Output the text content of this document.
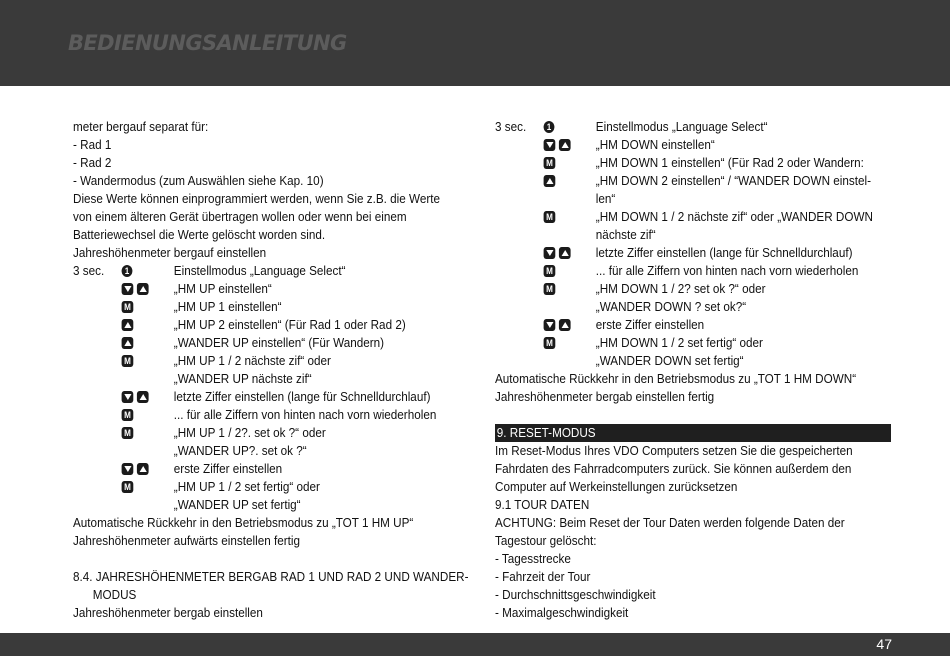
BEDIENUNGSANLEITUNG
meter bergauf separat für:
- Rad 1
- Rad 2
- Wandermodus (zum Auswählen siehe Kap. 10)
Diese Werte können einprogrammiert werden, wenn Sie z.B. die Werte
von einem älteren Gerät übertragen wollen oder wenn bei einem
Batteriewechsel die Werte gelöscht worden sind.
Jahreshöhenmeter bergauf einstellen
3 sec.	1	Einstellmodus „Language Select“
„HM UP einstellen“
M	„HM UP 1 einstellen“
„HM UP 2 einstellen“ (Für Rad 1 oder Rad 2)
„WANDER UP einstellen“ (Für Wandern)
M	„HM UP 1 / 2 nächste zif“ oder
„WANDER UP nächste zif“
letzte Ziffer einstellen (lange für Schnelldurchlauf)
M	... für alle Ziffern von hinten nach vorn wiederholen
M	„HM UP 1 / 2?. set ok ?“ oder
„WANDER UP?. set ok ?“
erste Ziffer einstellen
M	„HM UP 1 / 2 set fertig“ oder
„WANDER UP set fertig“
Automatische Rückkehr in den Betriebsmodus zu „TOT 1 HM UP“
Jahreshöhenmeter aufwärts einstellen fertig
8.4. JAHRESHÖHENMETER BERGAB RAD 1 UND RAD 2 UND WANDER-
MODUS
Jahreshöhenmeter bergab einstellen
3 sec.	1	Einstellmodus „Language Select“
„HM DOWN einstellen“
M	„HM DOWN 1 einstellen“ (Für Rad 2 oder Wandern:
„HM DOWN 2 einstellen“ / “WANDER DOWN einstel-
len“
M	„HM DOWN 1 / 2 nächste zif“ oder „WANDER DOWN
nächste zif“
letzte Ziffer einstellen (lange für Schnelldurchlauf)
M	... für alle Ziffern von hinten nach vorn wiederholen
M	„HM DOWN 1 / 2? set ok ?“ oder
„WANDER DOWN ? set ok?“
erste Ziffer einstellen
M	„HM DOWN 1 / 2 set fertig“ oder
„WANDER DOWN set fertig“
Automatische Rückkehr in den Betriebsmodus zu „TOT 1 HM DOWN“
Jahreshöhenmeter bergab einstellen fertig
9. RESET-MODUS
Im Reset-Modus Ihres VDO Computers setzen Sie die gespeicherten
Fahrdaten des Fahrradcomputers zurück. Sie können außerdem den
Computer auf Werkeinstellungen zurücksetzen
9.1 TOUR DATEN
ACHTUNG: Beim Reset der Tour Daten werden folgende Daten der
Tagestour gelöscht:
- Tagesstrecke
- Fahrzeit der Tour
- Durchschnittsgeschwindigkeit
- Maximalgeschwindigkeit
47
